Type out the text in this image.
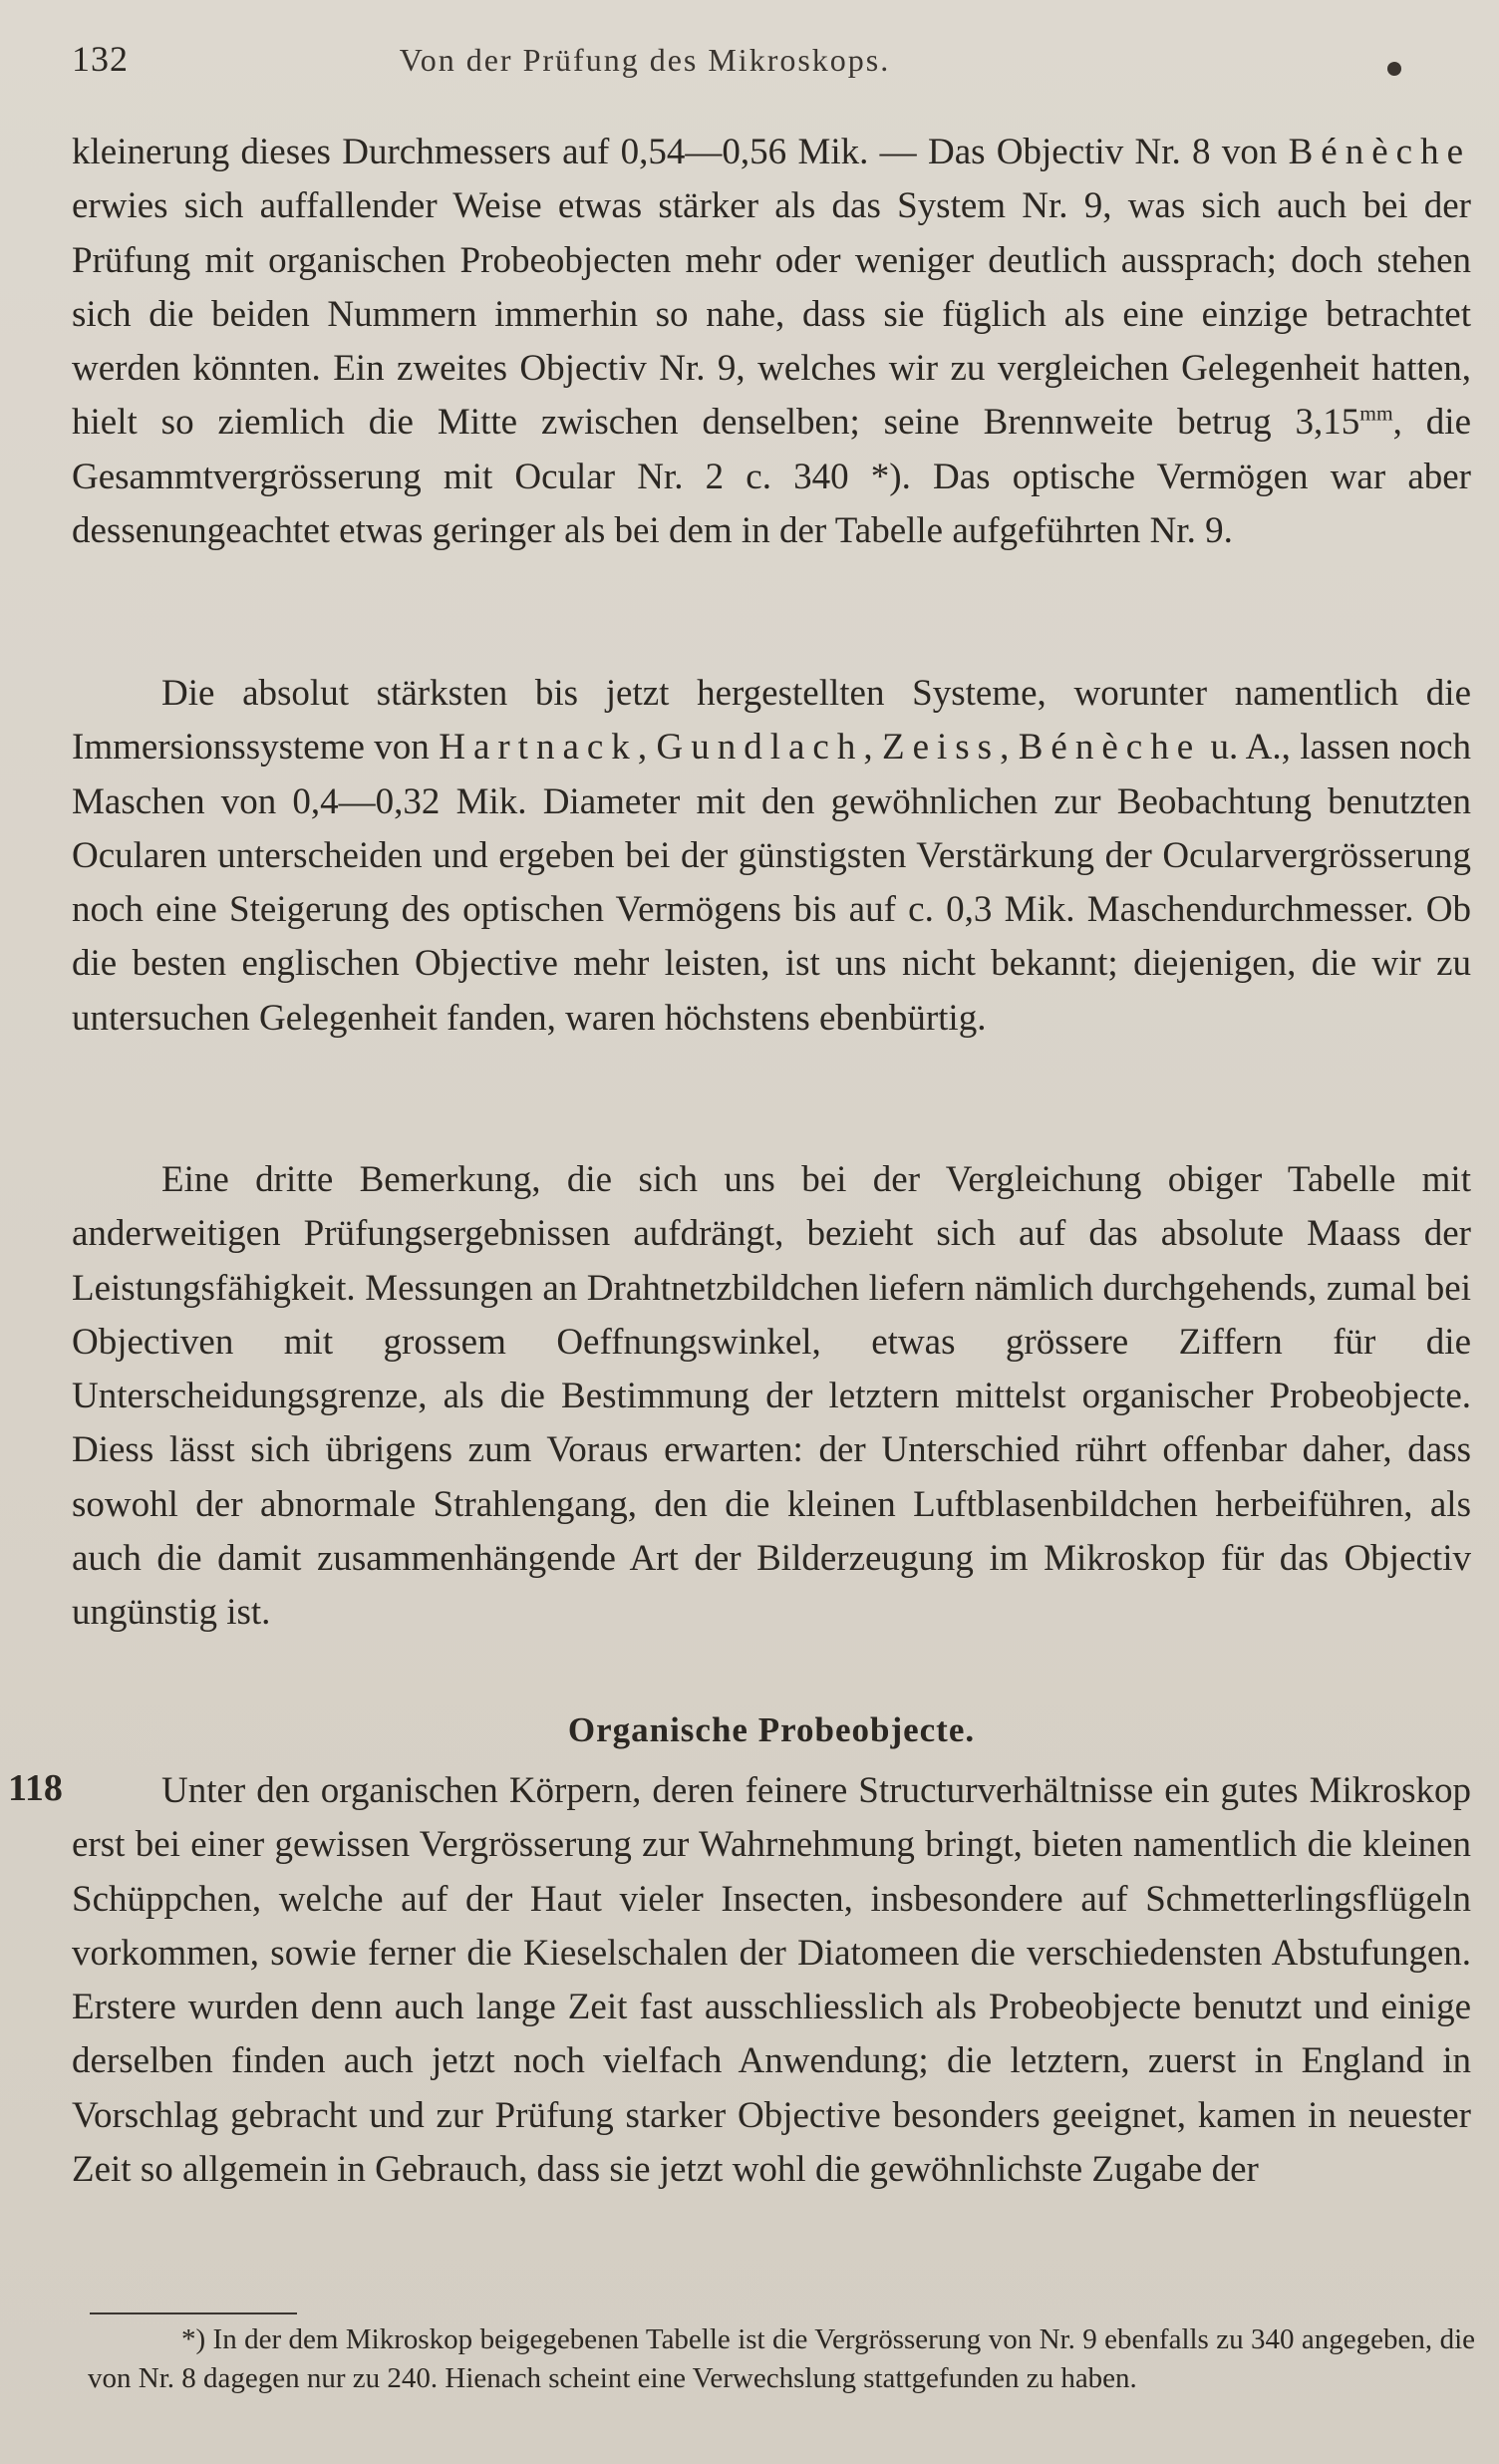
132	Von der Prüfung des Mikroskops.
kleinerung dieses Durchmessers auf 0,54—0,56 Mik. — Das Objectiv Nr. 8 von Bénèche erwies sich auffallender Weise etwas stärker als das System Nr. 9, was sich auch bei der Prüfung mit organischen Probeobjecten mehr oder weniger deutlich aussprach; doch stehen sich die beiden Nummern immerhin so nahe, dass sie füglich als eine einzige betrachtet werden könnten. Ein zweites Objectiv Nr. 9, welches wir zu vergleichen Gelegenheit hatten, hielt so ziemlich die Mitte zwischen denselben; seine Brennweite betrug $3,15^{mm}$, die Gesammtvergrösserung mit Ocular Nr. 2 c. 340 *). Das optische Vermögen war aber dessenungeachtet etwas geringer als bei dem in der Tabelle aufgeführten Nr. 9.
Die absolut stärksten bis jetzt hergestellten Systeme, worunter namentlich die Immersionssysteme von Hartnack, Gundlach, Zeiss, Bénèche u. A., lassen noch Maschen von 0,4—0,32 Mik. Diameter mit den gewöhnlichen zur Beobachtung benutzten Ocularen unterscheiden und ergeben bei der günstigsten Verstärkung der Ocularvergrösserung noch eine Steigerung des optischen Vermögens bis auf c. 0,3 Mik. Maschendurchmesser. Ob die besten englischen Objective mehr leisten, ist uns nicht bekannt; diejenigen, die wir zu untersuchen Gelegenheit fanden, waren höchstens ebenbürtig.
Eine dritte Bemerkung, die sich uns bei der Vergleichung obiger Tabelle mit anderweitigen Prüfungsergebnissen aufdrängt, bezieht sich auf das absolute Maass der Leistungsfähigkeit. Messungen an Drahtnetzbildchen liefern nämlich durchgehends, zumal bei Objectiven mit grossem Oeffnungswinkel, etwas grössere Ziffern für die Unterscheidungsgrenze, als die Bestimmung der letztern mittelst organischer Probeobjecte. Diess lässt sich übrigens zum Voraus erwarten: der Unterschied rührt offenbar daher, dass sowohl der abnormale Strahlengang, den die kleinen Luftblasenbildchen herbeiführen, als auch die damit zusammenhängende Art der Bilderzeugung im Mikroskop für das Objectiv ungünstig ist.
Organische Probeobjecte.
118	Unter den organischen Körpern, deren feinere Structurverhältnisse ein gutes Mikroskop erst bei einer gewissen Vergrösserung zur Wahrnehmung bringt, bieten namentlich die kleinen Schüppchen, welche auf der Haut vieler Insecten, insbesondere auf Schmetterlingsflügeln vorkommen, sowie ferner die Kieselschalen der Diatomeen die verschiedensten Abstufungen. Erstere wurden denn auch lange Zeit fast ausschliesslich als Probeobjecte benutzt und einige derselben finden auch jetzt noch vielfach Anwendung; die letztern, zuerst in England in Vorschlag gebracht und zur Prüfung starker Objective besonders geeignet, kamen in neuester Zeit so allgemein in Gebrauch, dass sie jetzt wohl die gewöhnlichste Zugabe der
*) In der dem Mikroskop beigegebenen Tabelle ist die Vergrösserung von Nr. 9 ebenfalls zu 340 angegeben, die von Nr. 8 dagegen nur zu 240. Hienach scheint eine Verwechslung stattgefunden zu haben.
